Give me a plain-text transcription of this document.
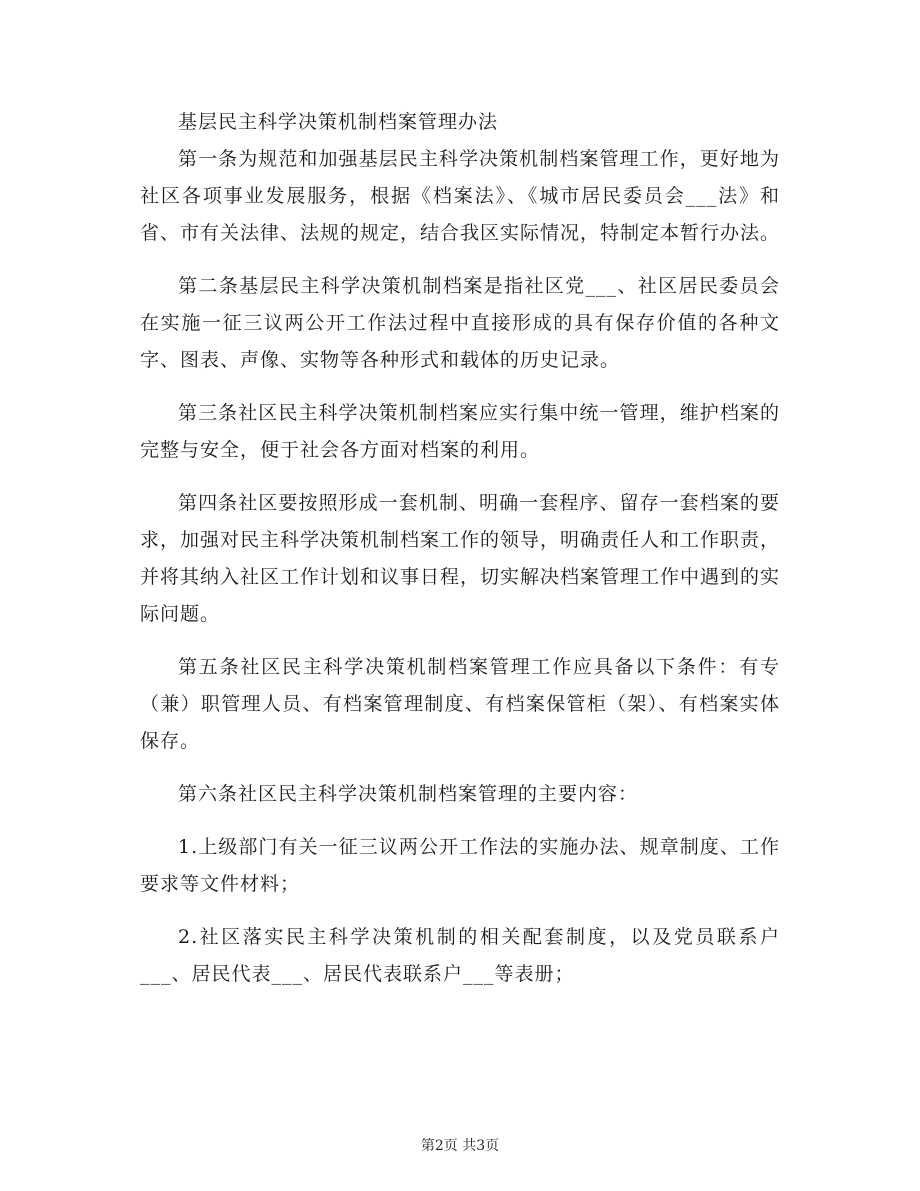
基层民主科学决策机制档案管理办法

第一条为规范和加强基层民主科学决策机制档案管理工作，更好地为社区各项事业发展服务，根据《档案法》、《城市居民委员会___法》和省、市有关法律、法规的规定，结合我区实际情况，特制定本暂行办法。

第二条基层民主科学决策机制档案是指社区党___、社区居民委员会在实施一征三议两公开工作法过程中直接形成的具有保存价值的各种文字、图表、声像、实物等各种形式和载体的历史记录。

第三条社区民主科学决策机制档案应实行集中统一管理，维护档案的完整与安全，便于社会各方面对档案的利用。

第四条社区要按照形成一套机制、明确一套程序、留存一套档案的要求，加强对民主科学决策机制档案工作的领导，明确责任人和工作职责，并将其纳入社区工作计划和议事日程，切实解决档案管理工作中遇到的实际问题。

第五条社区民主科学决策机制档案管理工作应具备以下条件：有专（兼）职管理人员、有档案管理制度、有档案保管柜（架）、有档案实体保存。

第六条社区民主科学决策机制档案管理的主要内容：

1.上级部门有关一征三议两公开工作法的实施办法、规章制度、工作要求等文件材料；

2.社区落实民主科学决策机制的相关配套制度，以及党员联系户___、居民代表___、居民代表联系户___等表册；

第2页 共3页
